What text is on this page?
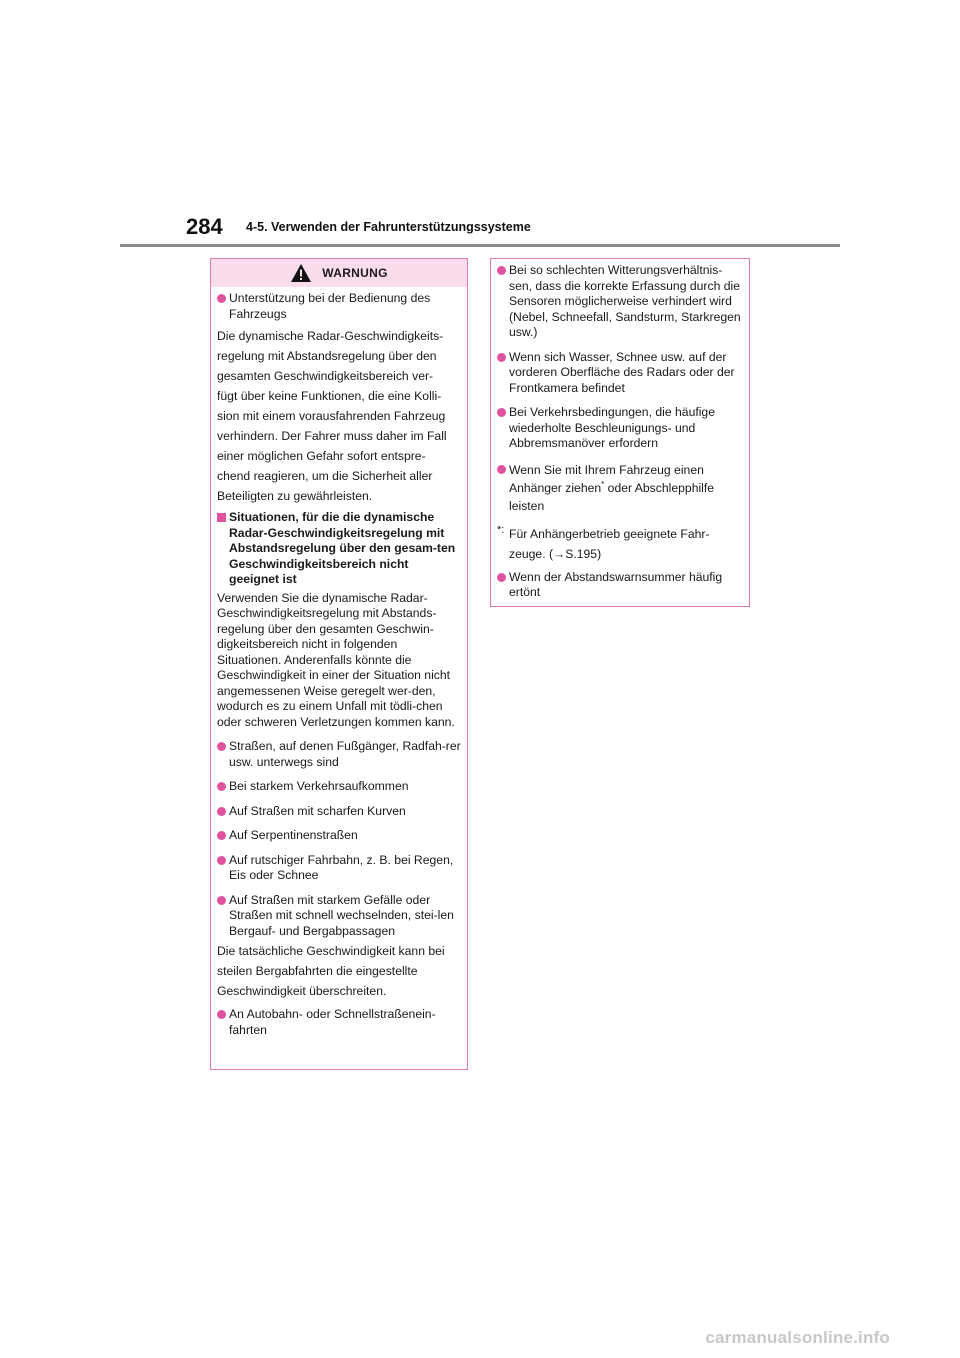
284 4-5. Verwenden der Fahrunterstützungssysteme
WARNUNG
Unterstützung bei der Bedienung des Fahrzeugs
Die dynamische Radar-Geschwindigkeits-
regelung mit Abstandsregelung über den
gesamten Geschwindigkeitsbereich ver-
fügt über keine Funktionen, die eine Kolli-
sion mit einem vorausfahrenden Fahrzeug
verhindern. Der Fahrer muss daher im Fall
einer möglichen Gefahr sofort entspre-
chend reagieren, um die Sicherheit aller
Beteiligten zu gewährleisten.
Situationen, für die die dynamische Radar-Geschwindigkeitsregelung mit Abstandsregelung über den gesam-ten Geschwindigkeitsbereich nicht geeignet ist
Verwenden Sie die dynamische Radar-Geschwindigkeitsregelung mit Abstands-regelung über den gesamten Geschwin-digkeitsbereich nicht in folgenden Situationen. Anderenfalls könnte die Geschwindigkeit in einer der Situation nicht angemessenen Weise geregelt wer-den, wodurch es zu einem Unfall mit tödli-chen oder schweren Verletzungen kommen kann.
Straßen, auf denen Fußgänger, Radfah-rer usw. unterwegs sind
Bei starkem Verkehrsaufkommen
Auf Straßen mit scharfen Kurven
Auf Serpentinenstraßen
Auf rutschiger Fahrbahn, z. B. bei Regen, Eis oder Schnee
Auf Straßen mit starkem Gefälle oder Straßen mit schnell wechselnden, stei-len Bergauf- und Bergabpassagen
Die tatsächliche Geschwindigkeit kann bei
steilen Bergabfahrten die eingestellte
Geschwindigkeit überschreiten.
An Autobahn- oder Schnellstraßenein-fahrten
Bei so schlechten Witterungsverhältnis-sen, dass die korrekte Erfassung durch die Sensoren möglicherweise verhindert wird (Nebel, Schneefall, Sandsturm, Starkregen usw.)
Wenn sich Wasser, Schnee usw. auf der vorderen Oberfläche des Radars oder der Frontkamera befindet
Bei Verkehrsbedingungen, die häufige wiederholte Beschleunigungs- und Abbremsmanöver erfordern
Wenn Sie mit Ihrem Fahrzeug einen
Anhänger ziehen* oder Abschlepphilfe leisten
*: Für Anhängerbetrieb geeignete Fahr-
zeuge. (→S.195)
Wenn der Abstandswarnsummer häufig ertönt
carmanualsonline.info
